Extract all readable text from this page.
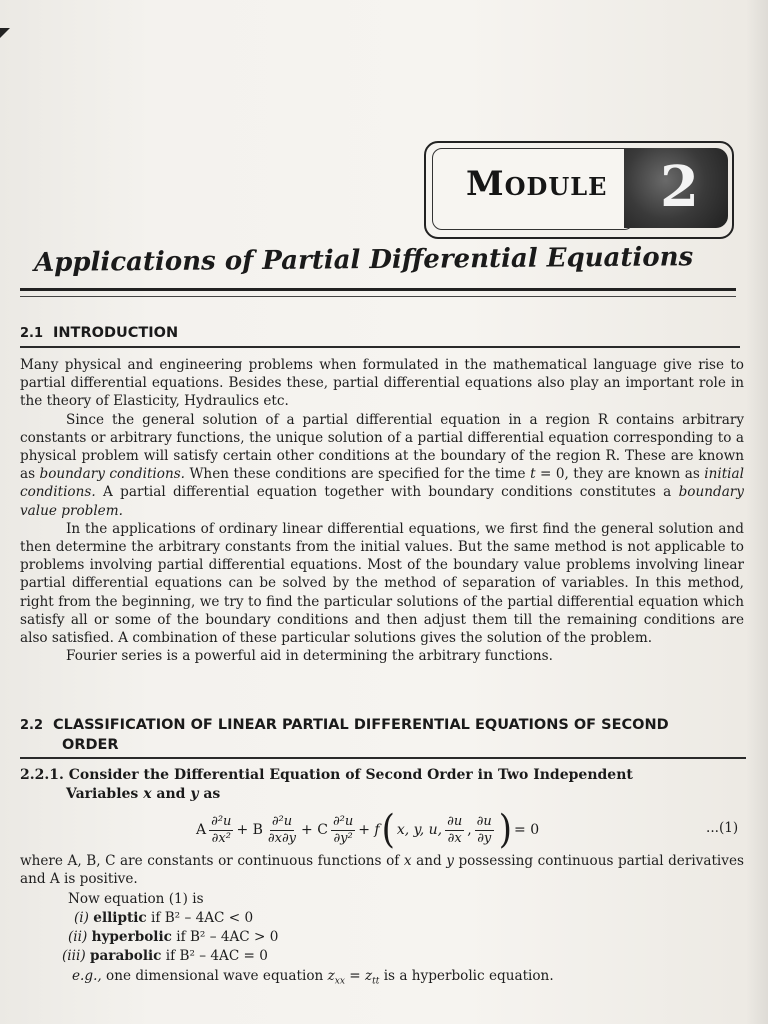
Module 2
Applications of Partial Differential Equations
2.1 INTRODUCTION

Many physical and engineering problems when formulated in the mathematical language give rise to partial differential equations. Besides these, partial differential equations also play an important role in the theory of Elasticity, Hydraulics etc.

Since the general solution of a partial differential equation in a region R contains arbitrary constants or arbitrary functions, the unique solution of a partial differential equation corresponding to a physical problem will satisfy certain other conditions at the boundary of the region R. These are known as boundary conditions. When these conditions are specified for the time t = 0, they are known as initial conditions. A partial differential equation together with boundary conditions constitutes a boundary value problem.

In the applications of ordinary linear differential equations, we first find the general solution and then determine the arbitrary constants from the initial values. But the same method is not applicable to problems involving partial differential equations. Most of the boundary value problems involving linear partial differential equations can be solved by the method of separation of variables. In this method, right from the beginning, we try to find the particular solutions of the partial differential equation which satisfy all or some of the boundary conditions and then adjust them till the remaining conditions are also satisfied. A combination of these particular solutions gives the solution of the problem.

Fourier series is a powerful aid in determining the arbitrary functions.

2.2 CLASSIFICATION OF LINEAR PARTIAL DIFFERENTIAL EQUATIONS OF SECOND
ORDER
2.2.1. Consider the Differential Equation of Second Order in Two Independent
Variables x and y as
A $\frac{\text{∂²u}}{\text{∂x²}} + B \frac{\text{∂²u}}{\partial x\partial y} + C \frac{\text{∂²u}}{\text{∂y²}} + f$ ( x, y, u, $\frac{\partial u}{\partial x}$ , $\frac{\partial u}{\partial y}$ ) = 0	...(1)

where A, B, C are constants or continuous functions of x and y possessing continuous partial derivatives and A is positive.

Now equation (1) is
(i) elliptic if B² – 4AC < 0
(ii) hyperbolic if B² – 4AC > 0
(iii) parabolic if B² – 4AC = 0
e.g., one dimensional wave equation $z_{xx} = z_{tt}$ is a hyperbolic equation.
